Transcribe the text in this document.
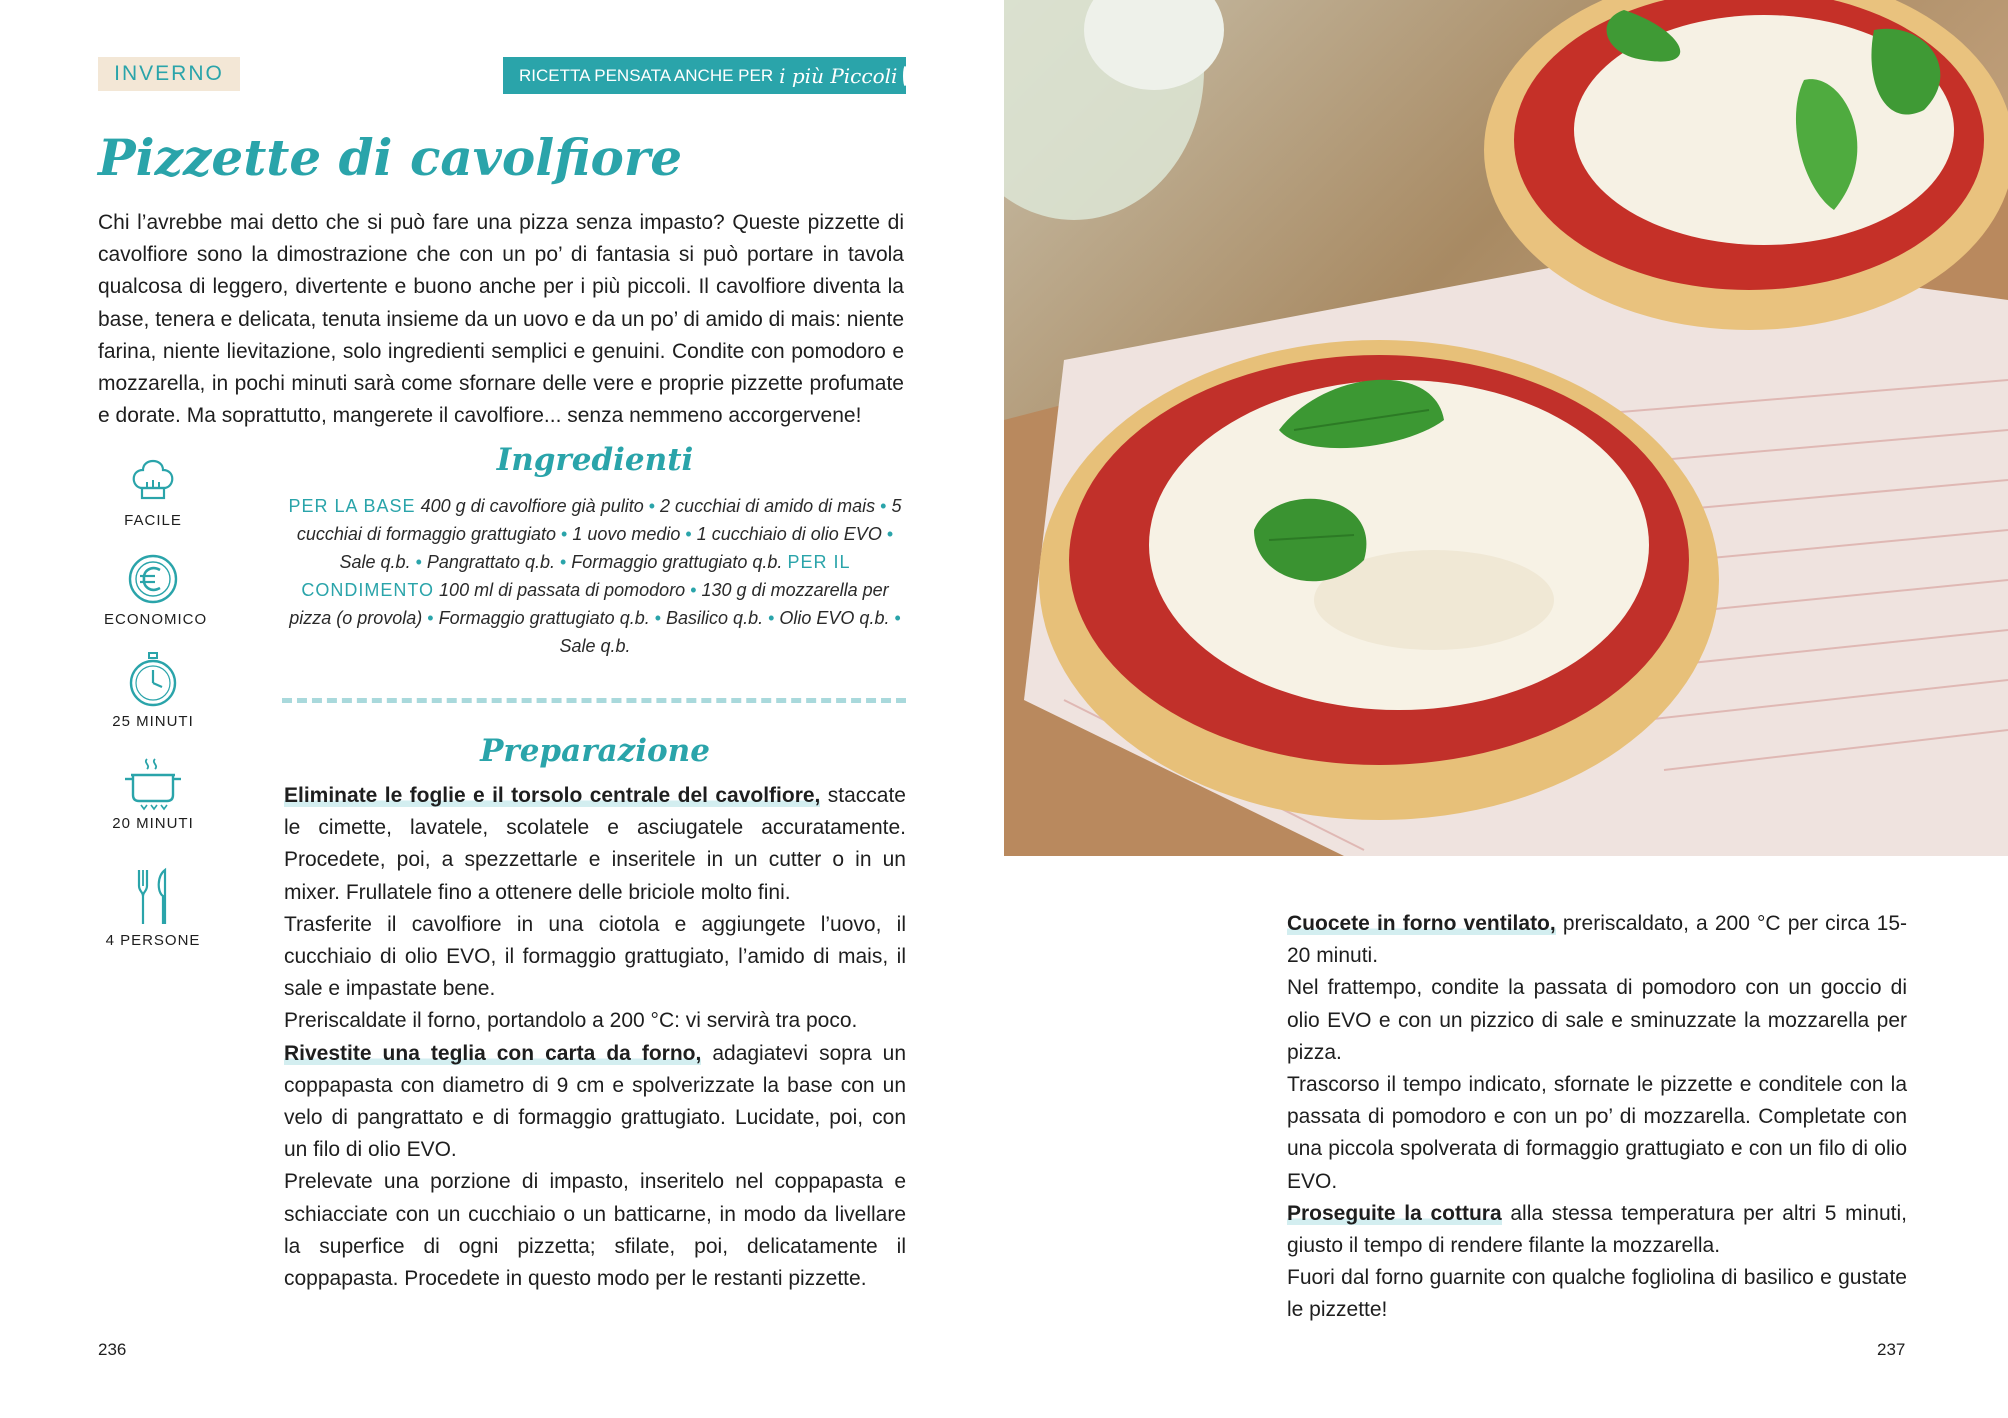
INVERNO	RICETTA PENSATA ANCHE PER i più Piccoli
Pizzette di cavolfiore

Chi l’avrebbe mai detto che si può fare una pizza senza impasto? Queste pizzette di cavolfiore sono la dimostrazione che con un po’ di fantasia si può portare in tavola qualcosa di leggero, divertente e buono anche per i più piccoli. Il cavolfiore diventa la base, tenera e delicata, tenuta insieme da un uovo e da un po’ di amido di mais: niente farina, niente lievitazione, solo ingredienti semplici e genuini. Condite con pomodoro e mozzarella, in pochi minuti sarà come sfornare delle vere e proprie pizzette profumate e dorate. Ma soprattutto, mangerete il cavolfiore... senza nemmeno accorgervene!

FACILE
ECONOMICO
25 MINUTI
20 MINUTI
4 PERSONE
Ingredienti
PER LA BASE 400 g di cavolfiore già pulito • 2 cucchiai di amido di mais • 5 cucchiai di formaggio grattugiato • 1 uovo medio • 1 cucchiaio di olio EVO • Sale q.b. • Pangrattato q.b. • Formaggio grattugiato q.b. PER IL CONDIMENTO 100 ml di passata di pomodoro • 130 g di mozzarella per pizza (o provola) • Formaggio grattugiato q.b. • Basilico q.b. • Olio EVO q.b. • Sale q.b.
Preparazione

Eliminate le foglie e il torsolo centrale del cavolfiore, staccate le cimette, lavatele, scolatele e asciugatele accuratamente. Procedete, poi, a spezzettarle e inseritele in un cutter o in un mixer. Frullatele fino a ottenere delle briciole molto fini.

Trasferite il cavolfiore in una ciotola e aggiungete l’uovo, il cucchiaio di olio EVO, il formaggio grattugiato, l’amido di mais, il sale e impastate bene.

Preriscaldate il forno, portandolo a 200 °C: vi servirà tra poco.

Rivestite una teglia con carta da forno, adagiatevi sopra un coppapasta con diametro di 9 cm e spolverizzate la base con un velo di pangrattato e di formaggio grattugiato. Lucidate, poi, con un filo di olio EVO.

Prelevate una porzione di impasto, inseritelo nel coppapasta e schiacciate con un cucchiaio o un batticarne, in modo da livellare la superfice di ogni pizzetta; sfilate, poi, delicatamente il coppapasta. Procedete in questo modo per le restanti pizzette.

236

Cuocete in forno ventilato, preriscaldato, a 200 °C per circa 15-20 minuti.

Nel frattempo, condite la passata di pomodoro con un goccio di olio EVO e con un pizzico di sale e sminuzzate la mozzarella per pizza.

Trascorso il tempo indicato, sfornate le pizzette e conditele con la passata di pomodoro e con un po’ di mozzarella. Completate con una piccola spolverata di formaggio grattugiato e con un filo di olio EVO.

Proseguite la cottura alla stessa temperatura per altri 5 minuti, giusto il tempo di rendere filante la mozzarella.

Fuori dal forno guarnite con qualche fogliolina di basilico e gustate le pizzette!

237
